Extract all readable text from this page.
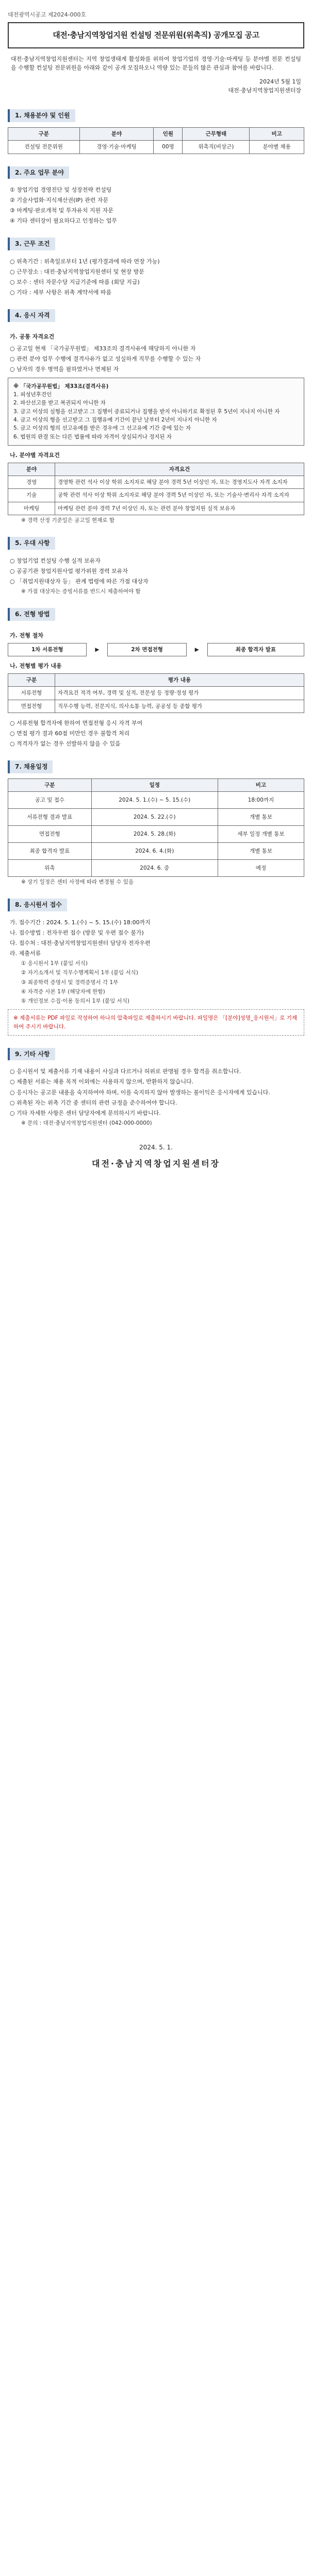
대전광역시공고 제2024-000호
대전·충남지역창업지원 컨설팅 전문위원(위촉직) 공개모집 공고
대전·충남지역창업지원센터는 지역 창업생태계 활성화를 위하여 창업기업의 경영·기술·마케팅 등 분야별 전문 컨설팅을 수행할 컨설팅 전문위원을 아래와 같이 공개 모집하오니 역량 있는 분들의 많은 관심과 참여를 바랍니다.
2024년 5월 1일
대전·충남지역창업지원센터장
1. 채용분야 및 인원
구분	분야	인원	근무형태	비고
컨설팅 전문위원	경영·기술·마케팅	00명	위촉직(비상근)	분야별 채용
2. 주요 업무 분야

① 창업기업 경영진단 및 성장전략 컨설팅

② 기술사업화·지식재산권(IP) 관련 자문

③ 마케팅·판로개척 및 투자유치 지원 자문

④ 기타 센터장이 필요하다고 인정하는 업무

3. 근무 조건

○ 위촉기간 : 위촉일로부터 1년 (평가결과에 따라 연장 가능)

○ 근무장소 : 대전·충남지역창업지원센터 및 현장 방문

○ 보수 : 센터 자문수당 지급기준에 따름 (회당 지급)

○ 기타 : 세부 사항은 위촉 계약서에 따름

4. 응시 자격
가. 공통 자격요건

○ 공고일 현재 「국가공무원법」 제33조의 결격사유에 해당하지 아니한 자

○ 관련 분야 업무 수행에 결격사유가 없고 성실하게 직무를 수행할 수 있는 자

○ 남자의 경우 병역을 필하였거나 면제된 자

※ 「국가공무원법」 제33조(결격사유)
1. 피성년후견인
2. 파산선고를 받고 복권되지 아니한 자
3. 금고 이상의 실형을 선고받고 그 집행이 종료되거나 집행을 받지 아니하기로 확정된 후 5년이 지나지 아니한 자
4. 금고 이상의 형을 선고받고 그 집행유예 기간이 끝난 날부터 2년이 지나지 아니한 자
5. 금고 이상의 형의 선고유예를 받은 경우에 그 선고유예 기간 중에 있는 자
6. 법원의 판결 또는 다른 법률에 따라 자격이 상실되거나 정지된 자
나. 분야별 자격요건
분야	자격요건
경영	경영학 관련 석사 이상 학위 소지자로 해당 분야 경력 5년 이상인 자, 또는 경영지도사 자격 소지자
기술	공학 관련 석사 이상 학위 소지자로 해당 분야 경력 5년 이상인 자, 또는 기술사·변리사 자격 소지자
마케팅	마케팅 관련 분야 경력 7년 이상인 자, 또는 관련 분야 창업지원 실적 보유자

※ 경력 산정 기준일은 공고일 현재로 함

5. 우대 사항

○ 창업기업 컨설팅 수행 실적 보유자

○ 공공기관 창업지원사업 평가위원 경력 보유자

○ 「취업지원대상자 등」 관계 법령에 따른 가점 대상자

※ 가점 대상자는 증빙서류를 반드시 제출하여야 함

6. 전형 방법
가. 전형 절차
1차 서류전형	▶	2차 면접전형	▶	최종 합격자 발표
나. 전형별 평가 내용
구분	평가 내용
서류전형	자격요건 적격 여부, 경력 및 실적, 전문성 등 정량·정성 평가
면접전형	직무수행 능력, 전문지식, 의사소통 능력, 공공성 등 종합 평가

○ 서류전형 합격자에 한하여 면접전형 응시 자격 부여

○ 면접 평가 결과 60점 미만인 경우 불합격 처리

○ 적격자가 없는 경우 선발하지 않을 수 있음

7. 채용일정
구분	일정	비고
공고 및 접수	2024. 5. 1.(수) ~ 5. 15.(수)	18:00까지
서류전형 결과 발표	2024. 5. 22.(수)	개별 통보
면접전형	2024. 5. 28.(화)	세부 일정 개별 통보
최종 합격자 발표	2024. 6. 4.(화)	개별 통보
위촉	2024. 6. 중	예정

※ 상기 일정은 센터 사정에 따라 변경될 수 있음

8. 응시원서 접수

가. 접수기간 : 2024. 5. 1.(수) ~ 5. 15.(수) 18:00까지

나. 접수방법 : 전자우편 접수 (방문 및 우편 접수 불가)

다. 접수처 : 대전·충남지역창업지원센터 담당자 전자우편

라. 제출서류

① 응시원서 1부 (붙임 서식)

② 자기소개서 및 직무수행계획서 1부 (붙임 서식)

③ 최종학력 증명서 및 경력증명서 각 1부

④ 자격증 사본 1부 (해당자에 한함)

⑤ 개인정보 수집·이용 동의서 1부 (붙임 서식)

※ 제출서류는 PDF 파일로 작성하여 하나의 압축파일로 제출하시기 바랍니다. 파일명은 「[분야]성명_응시원서」로 기재하여 주시기 바랍니다.
9. 기타 사항

○ 응시원서 및 제출서류 기재 내용이 사실과 다르거나 허위로 판명될 경우 합격을 취소합니다.

○ 제출된 서류는 채용 목적 이외에는 사용하지 않으며, 반환하지 않습니다.

○ 응시자는 공고문 내용을 숙지하여야 하며, 이를 숙지하지 않아 발생하는 불이익은 응시자에게 있습니다.

○ 위촉된 자는 위촉 기간 중 센터의 관련 규정을 준수하여야 합니다.

○ 기타 자세한 사항은 센터 담당자에게 문의하시기 바랍니다.

※ 문의 : 대전·충남지역창업지원센터 (042-000-0000)

2024. 5. 1.
대전·충남지역창업지원센터장
